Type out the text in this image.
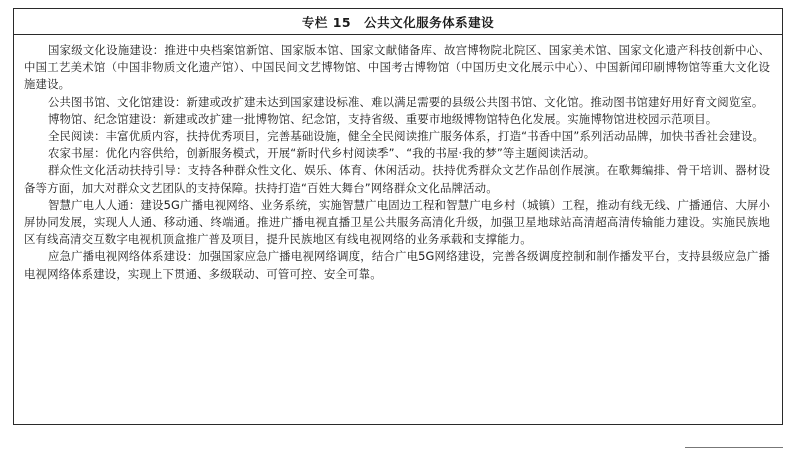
专栏 15　公共文化服务体系建设

国家级文化设施建设：推进中央档案馆新馆、国家版本馆、国家文献储备库、故宫博物院北院区、国家美术馆、国家文化遗产科技创新中心、中国工艺美术馆（中国非物质文化遗产馆）、中国民间文艺博物馆、中国考古博物馆（中国历史文化展示中心）、中国新闻印刷博物馆等重大文化设施建设。

公共图书馆、文化馆建设：新建或改扩建未达到国家建设标准、难以满足需要的县级公共图书馆、文化馆。推动图书馆建好用好育文阅览室。

博物馆、纪念馆建设：新建或改扩建一批博物馆、纪念馆，支持省级、重要市地级博物馆特色化发展。实施博物馆进校园示范项目。

全民阅读：丰富优质内容，扶持优秀项目，完善基础设施，健全全民阅读推广服务体系，打造“书香中国”系列活动品牌，加快书香社会建设。

农家书屋：优化内容供给，创新服务模式，开展“新时代乡村阅读季”、“我的书屋·我的梦”等主题阅读活动。

群众性文化活动扶持引导：支持各种群众性文化、娱乐、体育、休闲活动。扶持优秀群众文艺作品创作展演。在歌舞编排、骨干培训、器材设备等方面，加大对群众文艺团队的支持保障。扶持打造“百姓大舞台”网络群众文化品牌活动。

智慧广电人人通：建设5G广播电视网络、业务系统，实施智慧广电固边工程和智慧广电乡村（城镇）工程，推动有线无线、广播通信、大屏小屏协同发展，实现人人通、移动通、终端通。推进广播电视直播卫星公共服务高清化升级，加强卫星地球站高清超高清传输能力建设。实施民族地区有线高清交互数字电视机顶盒推广普及项目，提升民族地区有线电视网络的业务承载和支撑能力。

应急广播电视网络体系建设：加强国家应急广播电视网络调度，结合广电5G网络建设，完善各级调度控制和制作播发平台，支持县级应急广播电视网络体系建设，实现上下贯通、多级联动、可管可控、安全可靠。
